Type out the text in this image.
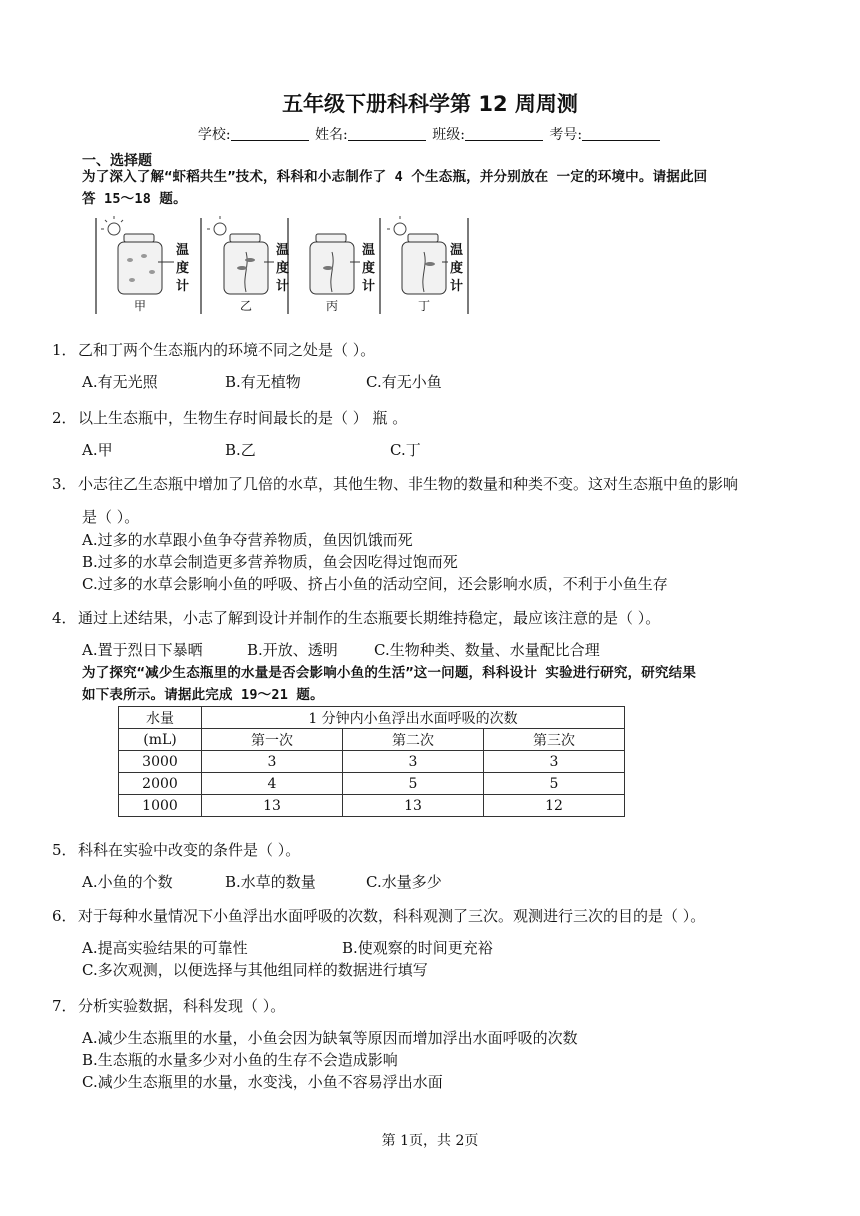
五年级下册科科学第 12 周周测
学校:	姓名:	班级:	考号:
一、选择题
为了深入了解“虾稻共生”技术，科科和小志制作了 4 个生态瓶，并分别放在 一定的环境中。请据此回
答 15～18 题。
温
度
计
温
度
计
温
度
计
温
度
计
甲	乙	丙	丁
1．乙和丁两个生态瓶内的环境不同之处是（ ）。
A.有无光照	B.有无植物	C.有无小鱼
2．以上生态瓶中，生物生存时间最长的是（ ） 瓶 。
A.甲	B.乙	C.丁
3．小志往乙生态瓶中增加了几倍的水草，其他生物、非生物的数量和种类不变。这对生态瓶中鱼的影响
是（ ）。
A.过多的水草跟小鱼争夺营养物质，鱼因饥饿而死
B.过多的水草会制造更多营养物质，鱼会因吃得过饱而死
C.过多的水草会影响小鱼的呼吸、挤占小鱼的活动空间，还会影响水质，不利于小鱼生存
4．通过上述结果，小志了解到设计并制作的生态瓶要长期维持稳定，最应该注意的是（ ）。
A.置于烈日下暴晒	B.开放、透明 C.生物种类、数量、水量配比合理
为了探究“减少生态瓶里的水量是否会影响小鱼的生活”这一问题，科科设计 实验进行研究，研究结果
如下表所示。请据此完成 19～21 题。
水量	1 分钟内小鱼浮出水面呼吸的次数		
(mL)	第一次	第二次	第三次
3000	3	3	3
2000	4	5	5
1000	13	13	12
5．科科在实验中改变的条件是（ ）。
A.小鱼的个数	B.水草的数量	C.水量多少
6．对于每种水量情况下小鱼浮出水面呼吸的次数，科科观测了三次。观测进行三次的目的是（ ）。
A.提高实验结果的可靠性	B.使观察的时间更充裕
C.多次观测，以便选择与其他组同样的数据进行填写
7．分析实验数据，科科发现（ ）。
A.减少生态瓶里的水量，小鱼会因为缺氧等原因而增加浮出水面呼吸的次数
B.生态瓶的水量多少对小鱼的生存不会造成影响
C.减少生态瓶里的水量，水变浅，小鱼不容易浮出水面
第 1页，共 2页
